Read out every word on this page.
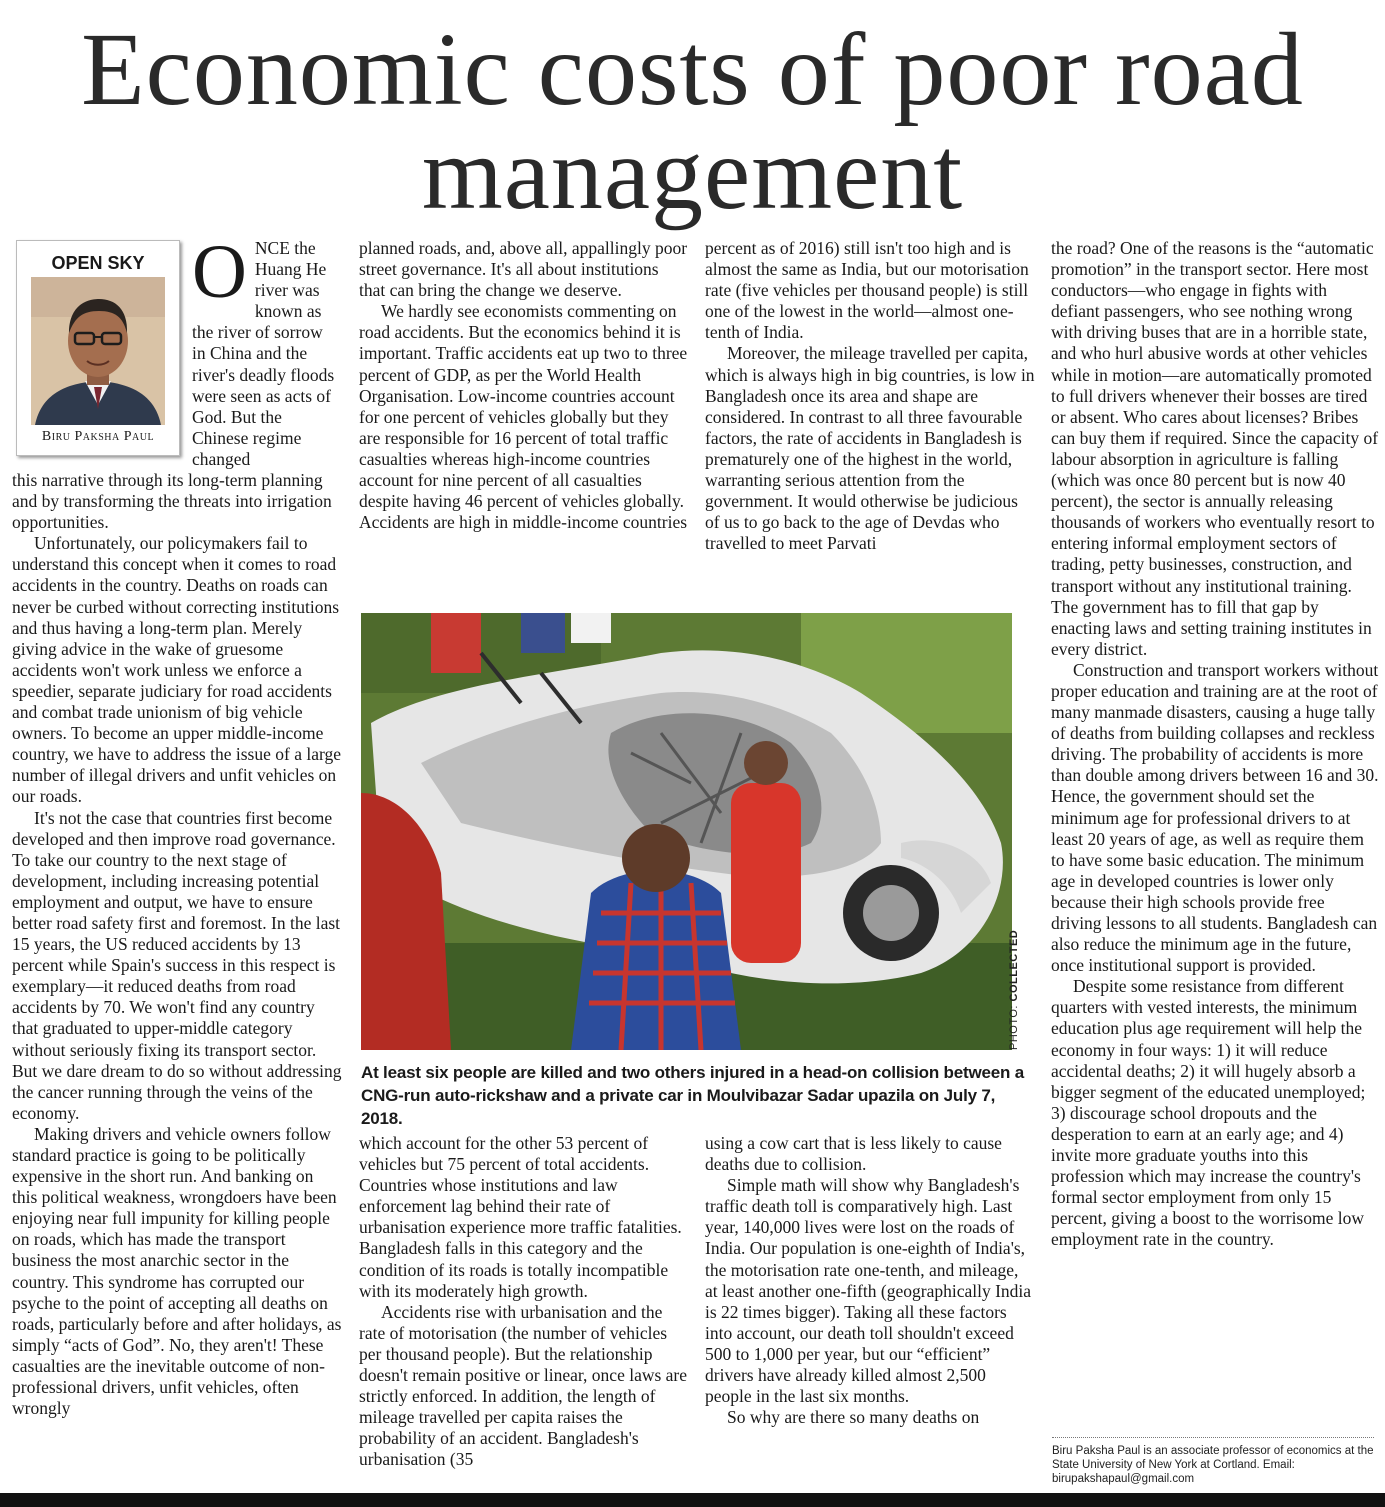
Economic costs of poor road management
OPEN SKY
Biru Paksha Paul

ONCE the Huang He river was known as the river of sorrow in China and the river's deadly floods were seen as acts of God. But the Chinese regime changed

this narrative through its long-term planning and by transforming the threats into irrigation opportunities.

Unfortunately, our policymakers fail to understand this concept when it comes to road accidents in the country. Deaths on roads can never be curbed without correcting institutions and thus having a long-term plan. Merely giving advice in the wake of gruesome accidents won't work unless we enforce a speedier, separate judiciary for road accidents and combat trade unionism of big vehicle owners. To become an upper middle-income country, we have to address the issue of a large number of illegal drivers and unfit vehicles on our roads.

It's not the case that countries first become developed and then improve road governance. To take our country to the next stage of development, including increasing potential employment and output, we have to ensure better road safety first and foremost. In the last 15 years, the US reduced accidents by 13 percent while Spain's success in this respect is exemplary—it reduced deaths from road accidents by 70. We won't find any country that graduated to upper-middle category without seriously fixing its transport sector. But we dare dream to do so without addressing the cancer running through the veins of the economy.

Making drivers and vehicle owners follow standard practice is going to be politically expensive in the short run. And banking on this political weakness, wrongdoers have been enjoying near full impunity for killing people on roads, which has made the transport business the most anarchic sector in the country. This syndrome has corrupted our psyche to the point of accepting all deaths on roads, particularly before and after holidays, as simply “acts of God”. No, they aren't! These casualties are the inevitable outcome of non-professional drivers, unfit vehicles, often wrongly

planned roads, and, above all, appallingly poor street governance. It's all about institutions that can bring the change we deserve.

We hardly see economists commenting on road accidents. But the economics behind it is important. Traffic accidents eat up two to three percent of GDP, as per the World Health Organisation. Low-income countries account for one percent of vehicles globally but they are responsible for 16 percent of total traffic casualties whereas high-income countries account for nine percent of all casualties despite having 46 percent of vehicles globally. Accidents are high in middle-income countries

percent as of 2016) still isn't too high and is almost the same as India, but our motorisation rate (five vehicles per thousand people) is still one of the lowest in the world—almost one-tenth of India.

Moreover, the mileage travelled per capita, which is always high in big countries, is low in Bangladesh once its area and shape are considered. In contrast to all three favourable factors, the rate of accidents in Bangladesh is prematurely one of the highest in the world, warranting serious attention from the government. It would otherwise be judicious of us to go back to the age of Devdas who travelled to meet Parvati

PHOTO: COLLECTED

At least six people are killed and two others injured in a head-on collision between a CNG-run auto-rickshaw and a private car in Moulvibazar Sadar upazila on July 7, 2018.

which account for the other 53 percent of vehicles but 75 percent of total accidents. Countries whose institutions and law enforcement lag behind their rate of urbanisation experience more traffic fatalities. Bangladesh falls in this category and the condition of its roads is totally incompatible with its moderately high growth.

Accidents rise with urbanisation and the rate of motorisation (the number of vehicles per thousand people). But the relationship doesn't remain positive or linear, once laws are strictly enforced. In addition, the length of mileage travelled per capita raises the probability of an accident. Bangladesh's urbanisation (35

using a cow cart that is less likely to cause deaths due to collision.

Simple math will show why Bangladesh's traffic death toll is comparatively high. Last year, 140,000 lives were lost on the roads of India. Our population is one-eighth of India's, the motorisation rate one-tenth, and mileage, at least another one-fifth (geographically India is 22 times bigger). Taking all these factors into account, our death toll shouldn't exceed 500 to 1,000 per year, but our “efficient” drivers have already killed almost 2,500 people in the last six months.

So why are there so many deaths on

the road? One of the reasons is the “automatic promotion” in the transport sector. Here most conductors—who engage in fights with defiant passengers, who see nothing wrong with driving buses that are in a horrible state, and who hurl abusive words at other vehicles while in motion—are automatically promoted to full drivers whenever their bosses are tired or absent. Who cares about licenses? Bribes can buy them if required. Since the capacity of labour absorption in agriculture is falling (which was once 80 percent but is now 40 percent), the sector is annually releasing thousands of workers who eventually resort to entering informal employment sectors of trading, petty businesses, construction, and transport without any institutional training. The government has to fill that gap by enacting laws and setting training institutes in every district.

Construction and transport workers without proper education and training are at the root of many manmade disasters, causing a huge tally of deaths from building collapses and reckless driving. The probability of accidents is more than double among drivers between 16 and 30. Hence, the government should set the minimum age for professional drivers to at least 20 years of age, as well as require them to have some basic education. The minimum age in developed countries is lower only because their high schools provide free driving lessons to all students. Bangladesh can also reduce the minimum age in the future, once institutional support is provided.

Despite some resistance from different quarters with vested interests, the minimum education plus age requirement will help the economy in four ways: 1) it will reduce accidental deaths; 2) it will hugely absorb a bigger segment of the educated unemployed; 3) discourage school dropouts and the desperation to earn at an early age; and 4) invite more graduate youths into this profession which may increase the country's formal sector employment from only 15 percent, giving a boost to the worrisome low employment rate in the country.

Biru Paksha Paul is an associate professor of economics at the State University of New York at Cortland. Email: birupakshapaul@gmail.com
